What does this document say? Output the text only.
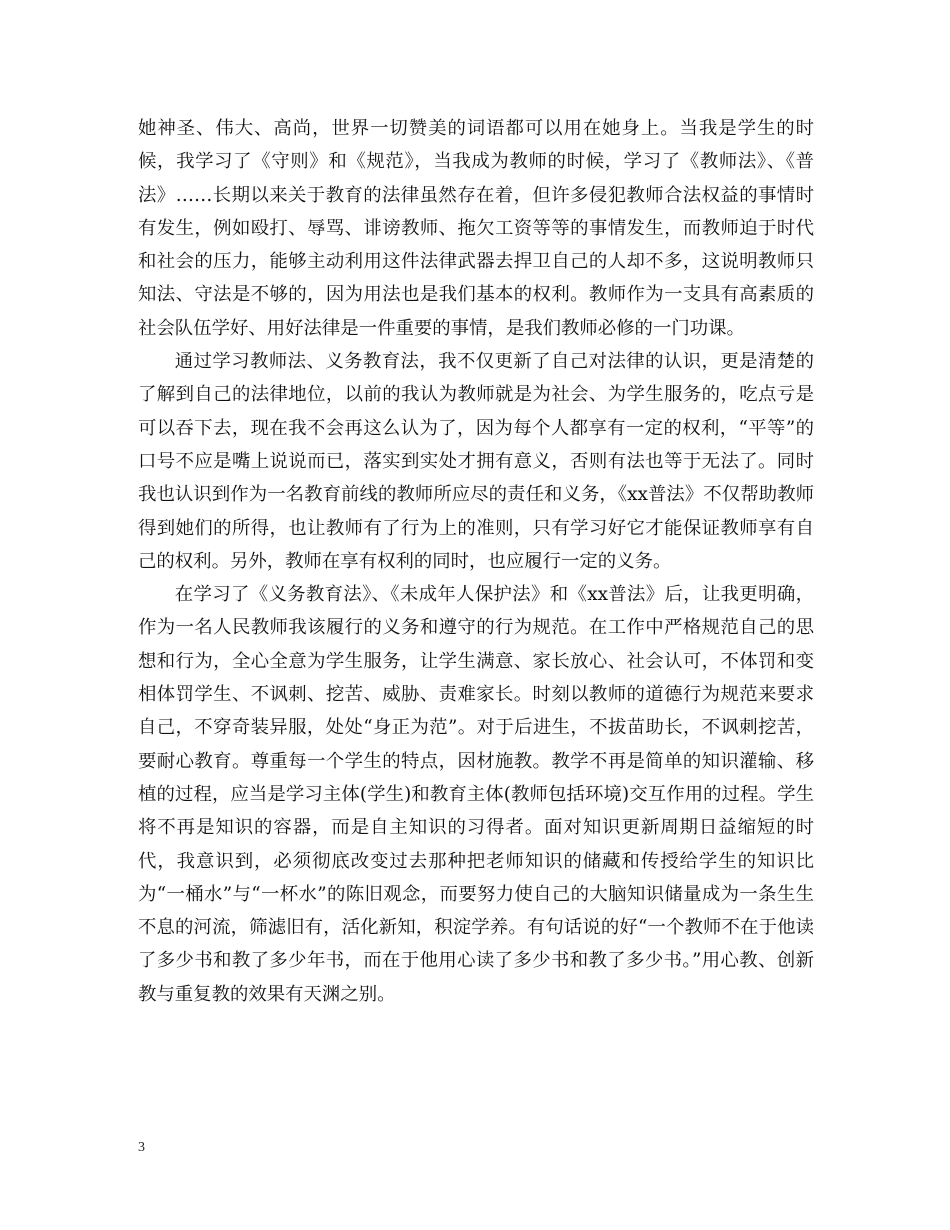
她神圣、伟大、高尚，世界一切赞美的词语都可以用在她身上。当我是学生的时候，我学习了《守则》和《规范》，当我成为教师的时候，学习了《教师法》、《普法》……长期以来关于教育的法律虽然存在着，但许多侵犯教师合法权益的事情时有发生，例如殴打、辱骂、诽谤教师、拖欠工资等等的事情发生，而教师迫于时代和社会的压力，能够主动利用这件法律武器去捍卫自己的人却不多，这说明教师只知法、守法是不够的，因为用法也是我们基本的权利。教师作为一支具有高素质的社会队伍学好、用好法律是一件重要的事情，是我们教师必修的一门功课。

通过学习教师法、义务教育法，我不仅更新了自己对法律的认识，更是清楚的了解到自己的法律地位，以前的我认为教师就是为社会、为学生服务的，吃点亏是可以吞下去，现在我不会再这么认为了，因为每个人都享有一定的权利，“平等”的口号不应是嘴上说说而已，落实到实处才拥有意义，否则有法也等于无法了。同时我也认识到作为一名教育前线的教师所应尽的责任和义务，《xx普法》不仅帮助教师得到她们的所得，也让教师有了行为上的准则，只有学习好它才能保证教师享有自己的权利。另外，教师在享有权利的同时，也应履行一定的义务。

在学习了《义务教育法》、《未成年人保护法》和《xx普法》后，让我更明确，作为一名人民教师我该履行的义务和遵守的行为规范。在工作中严格规范自己的思想和行为，全心全意为学生服务，让学生满意、家长放心、社会认可，不体罚和变相体罚学生、不讽刺、挖苦、威胁、责难家长。时刻以教师的道德行为规范来要求自己，不穿奇装异服，处处“身正为范”。对于后进生，不拔苗助长，不讽刺挖苦，要耐心教育。尊重每一个学生的特点，因材施教。教学不再是简单的知识灌输、移植的过程，应当是学习主体(学生)和教育主体(教师包括环境)交互作用的过程。学生将不再是知识的容器，而是自主知识的习得者。面对知识更新周期日益缩短的时代，我意识到，必须彻底改变过去那种把老师知识的储藏和传授给学生的知识比为“一桶水”与“一杯水”的陈旧观念，而要努力使自己的大脑知识储量成为一条生生不息的河流，筛滤旧有，活化新知，积淀学养。有句话说的好“一个教师不在于他读了多少书和教了多少年书，而在于他用心读了多少书和教了多少书。”用心教、创新教与重复教的效果有天渊之别。

3
